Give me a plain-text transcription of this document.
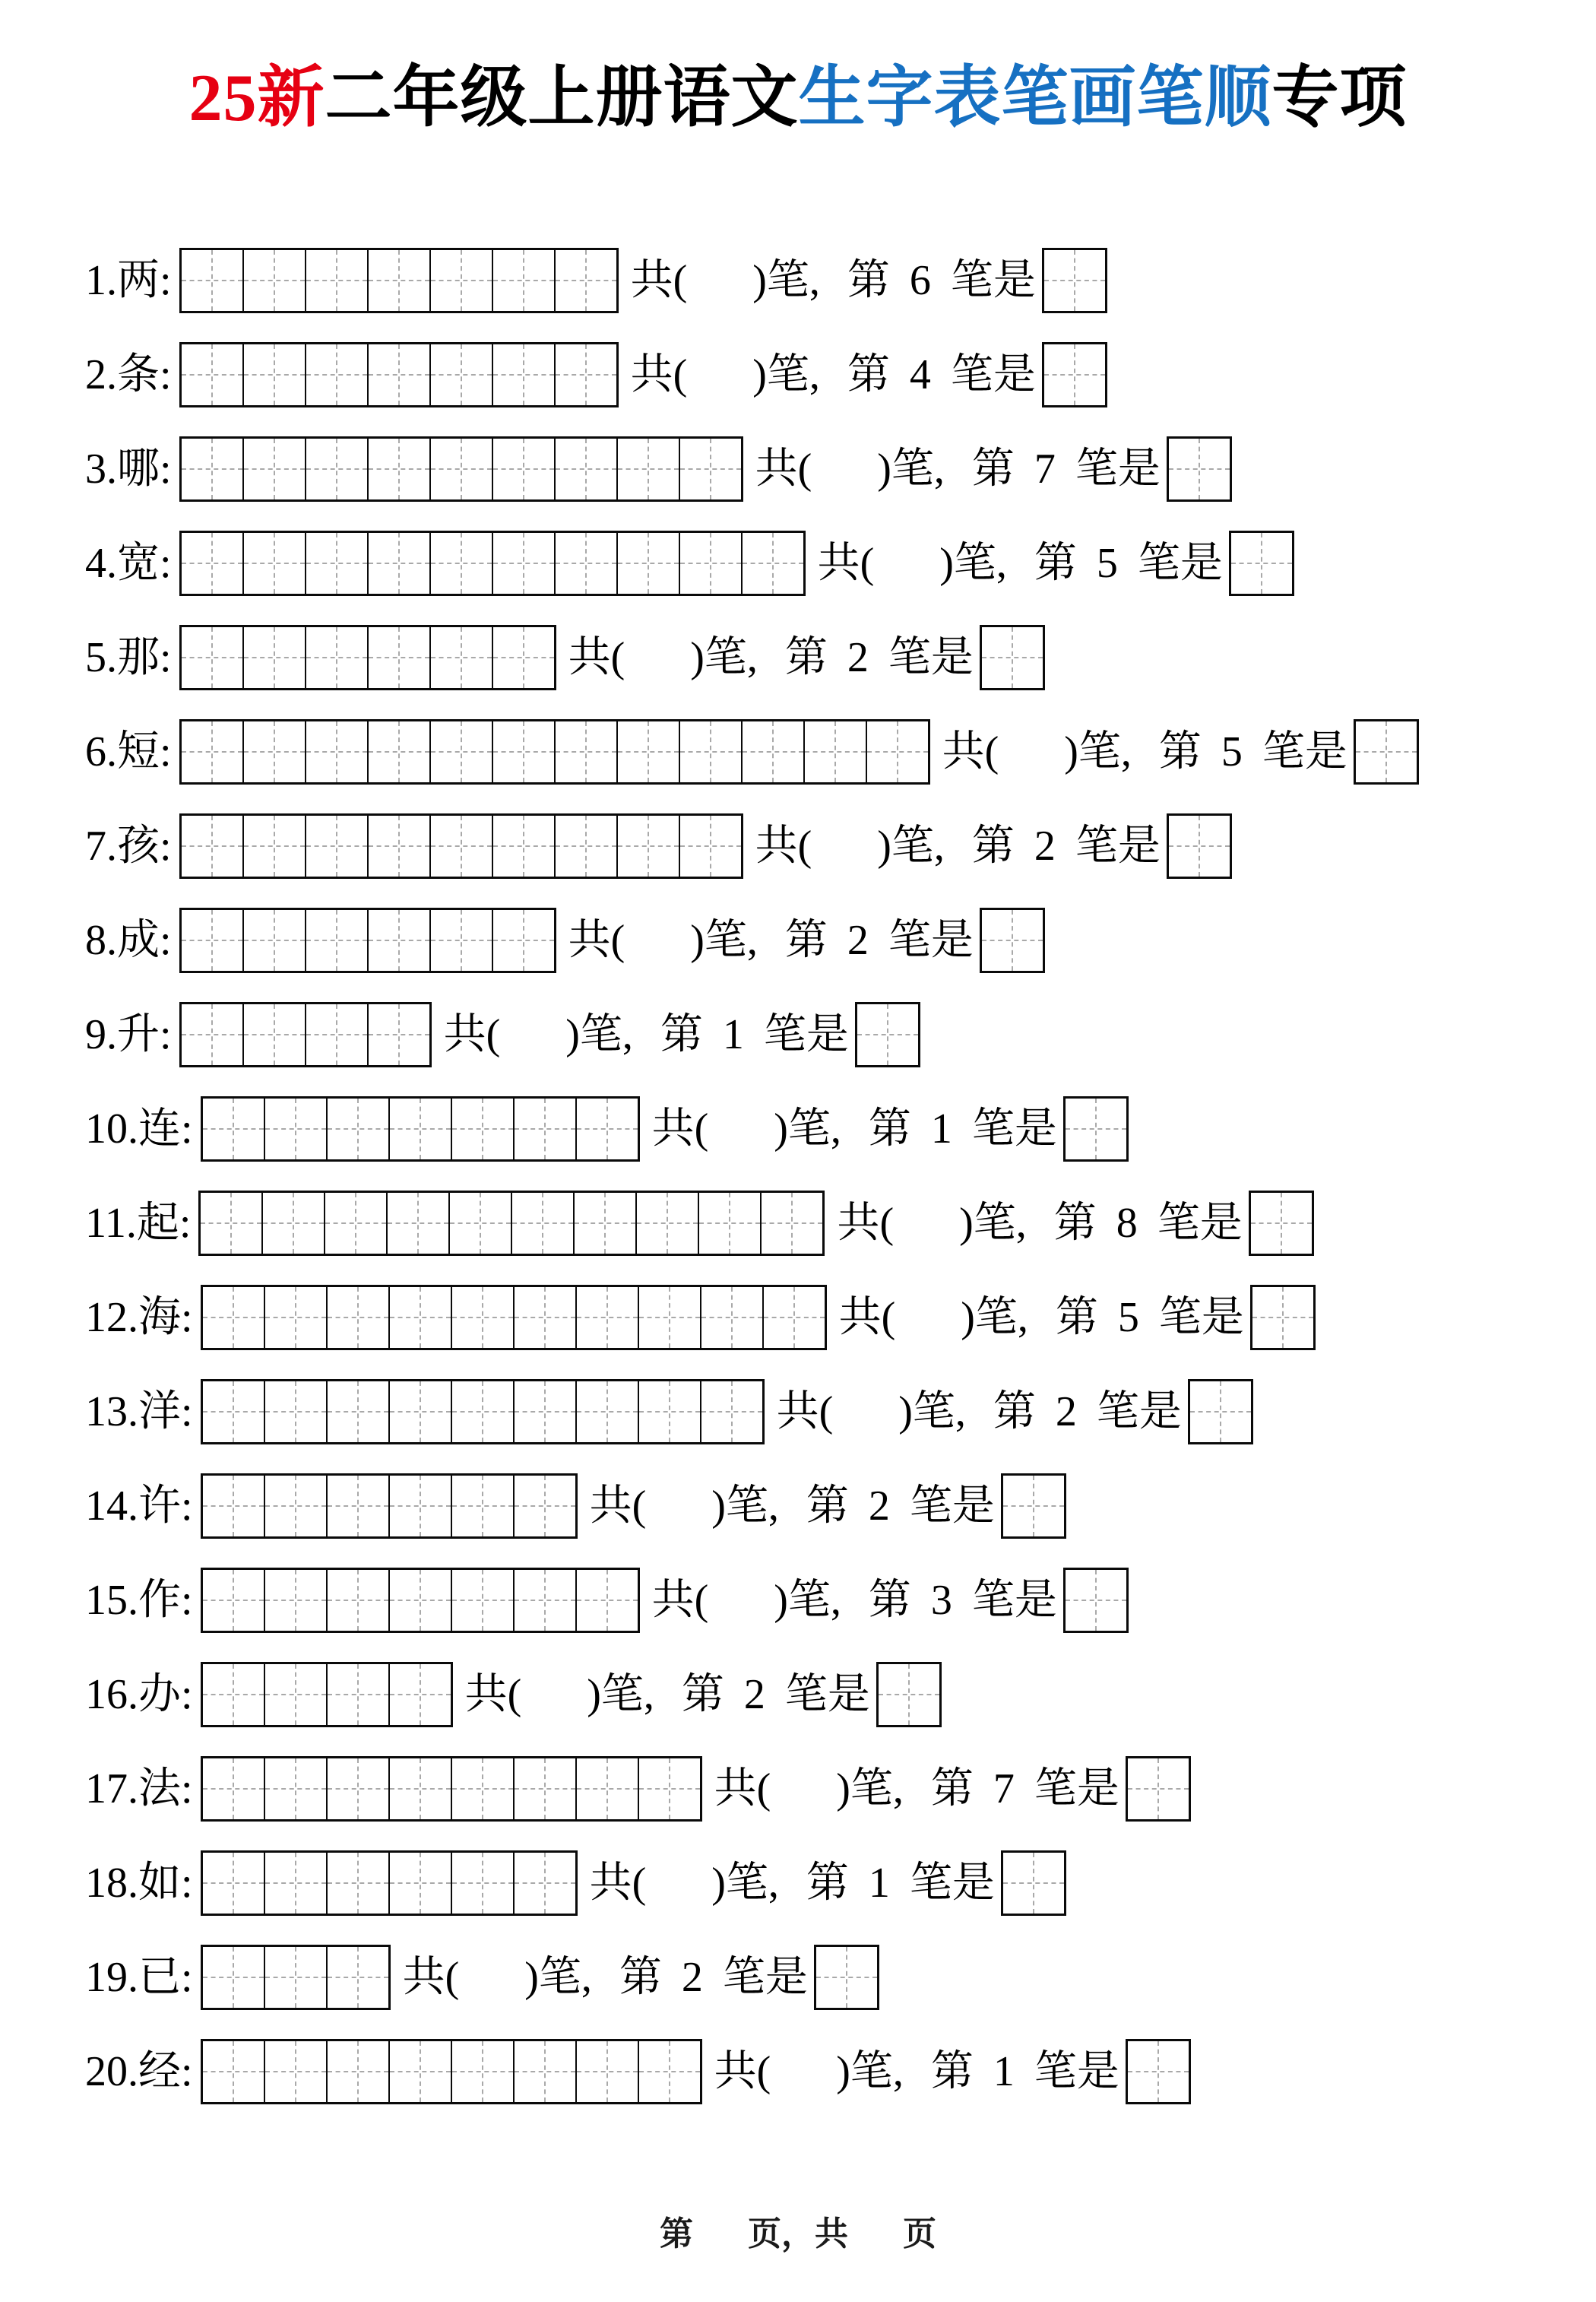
25新二年级上册语文生字表笔画笔顺专项
1.两:	共( )笔, 第 6 笔是
2.条:	共( )笔, 第 4 笔是
3.哪:	共( )笔, 第 7 笔是
4.宽:	共( )笔, 第 5 笔是
5.那:	共( )笔, 第 2 笔是
6.短:	共( )笔, 第 5 笔是
7.孩:	共( )笔, 第 2 笔是
8.成:	共( )笔, 第 2 笔是
9.升:	共( )笔, 第 1 笔是
10.连:	共( )笔, 第 1 笔是
11.起:	共( )笔, 第 8 笔是
12.海:	共( )笔, 第 5 笔是
13.洋:	共( )笔, 第 2 笔是
14.许:	共( )笔, 第 2 笔是
15.作:	共( )笔, 第 3 笔是
16.办:	共( )笔, 第 2 笔是
17.法:	共( )笔, 第 7 笔是
18.如:	共( )笔, 第 1 笔是
19.已:	共( )笔, 第 2 笔是
20.经:	共( )笔, 第 1 笔是
第 页，共 页
